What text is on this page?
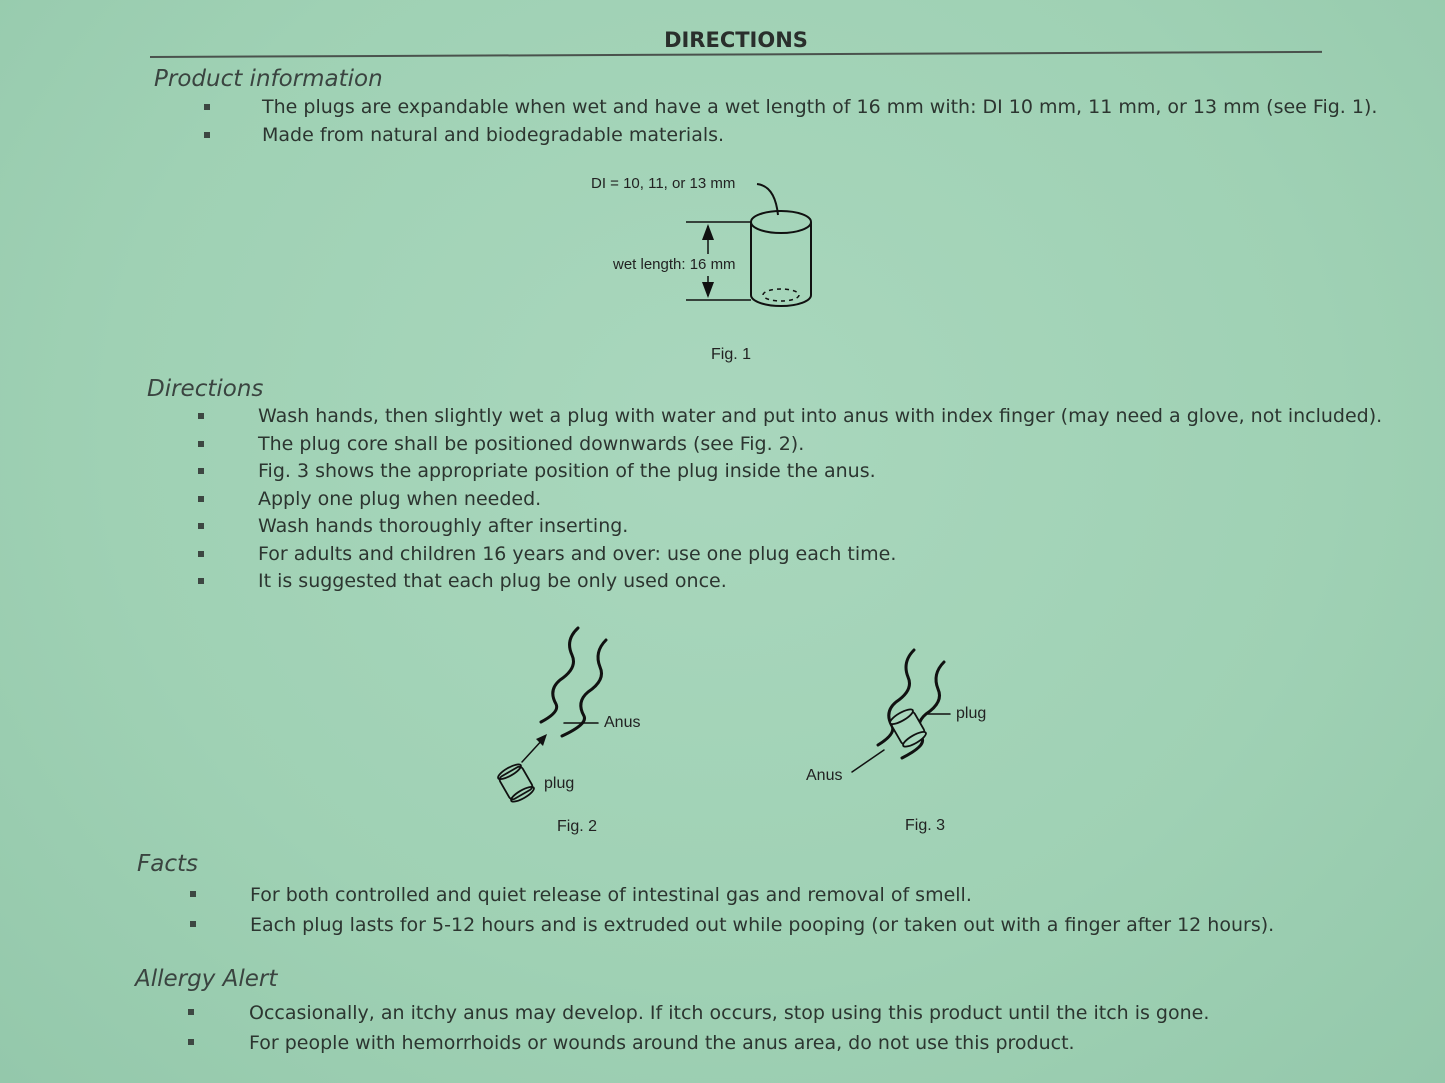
DIRECTIONS
Product information
The plugs are expandable when wet and have a wet length of 16 mm with: DI 10 mm, 11 mm, or 13 mm (see Fig. 1).
Made from natural and biodegradable materials.
DI = 10, 11, or 13 mm
wet length: 16 mm
Fig. 1
Directions
Wash hands, then slightly wet a plug with water and put into anus with index finger (may need a glove, not included).
The plug core shall be positioned downwards (see Fig. 2).
Fig. 3 shows the appropriate position of the plug inside the anus.
Apply one plug when needed.
Wash hands thoroughly after inserting.
For adults and children 16 years and over: use one plug each time.
It is suggested that each plug be only used once.
Anus
plug
Fig. 2
plug
Anus
Fig. 3
Facts
For both controlled and quiet release of intestinal gas and removal of smell.
Each plug lasts for 5-12 hours and is extruded out while pooping (or taken out with a finger after 12 hours).
Allergy Alert
Occasionally, an itchy anus may develop. If itch occurs, stop using this product until the itch is gone.
For people with hemorrhoids or wounds around the anus area, do not use this product.
